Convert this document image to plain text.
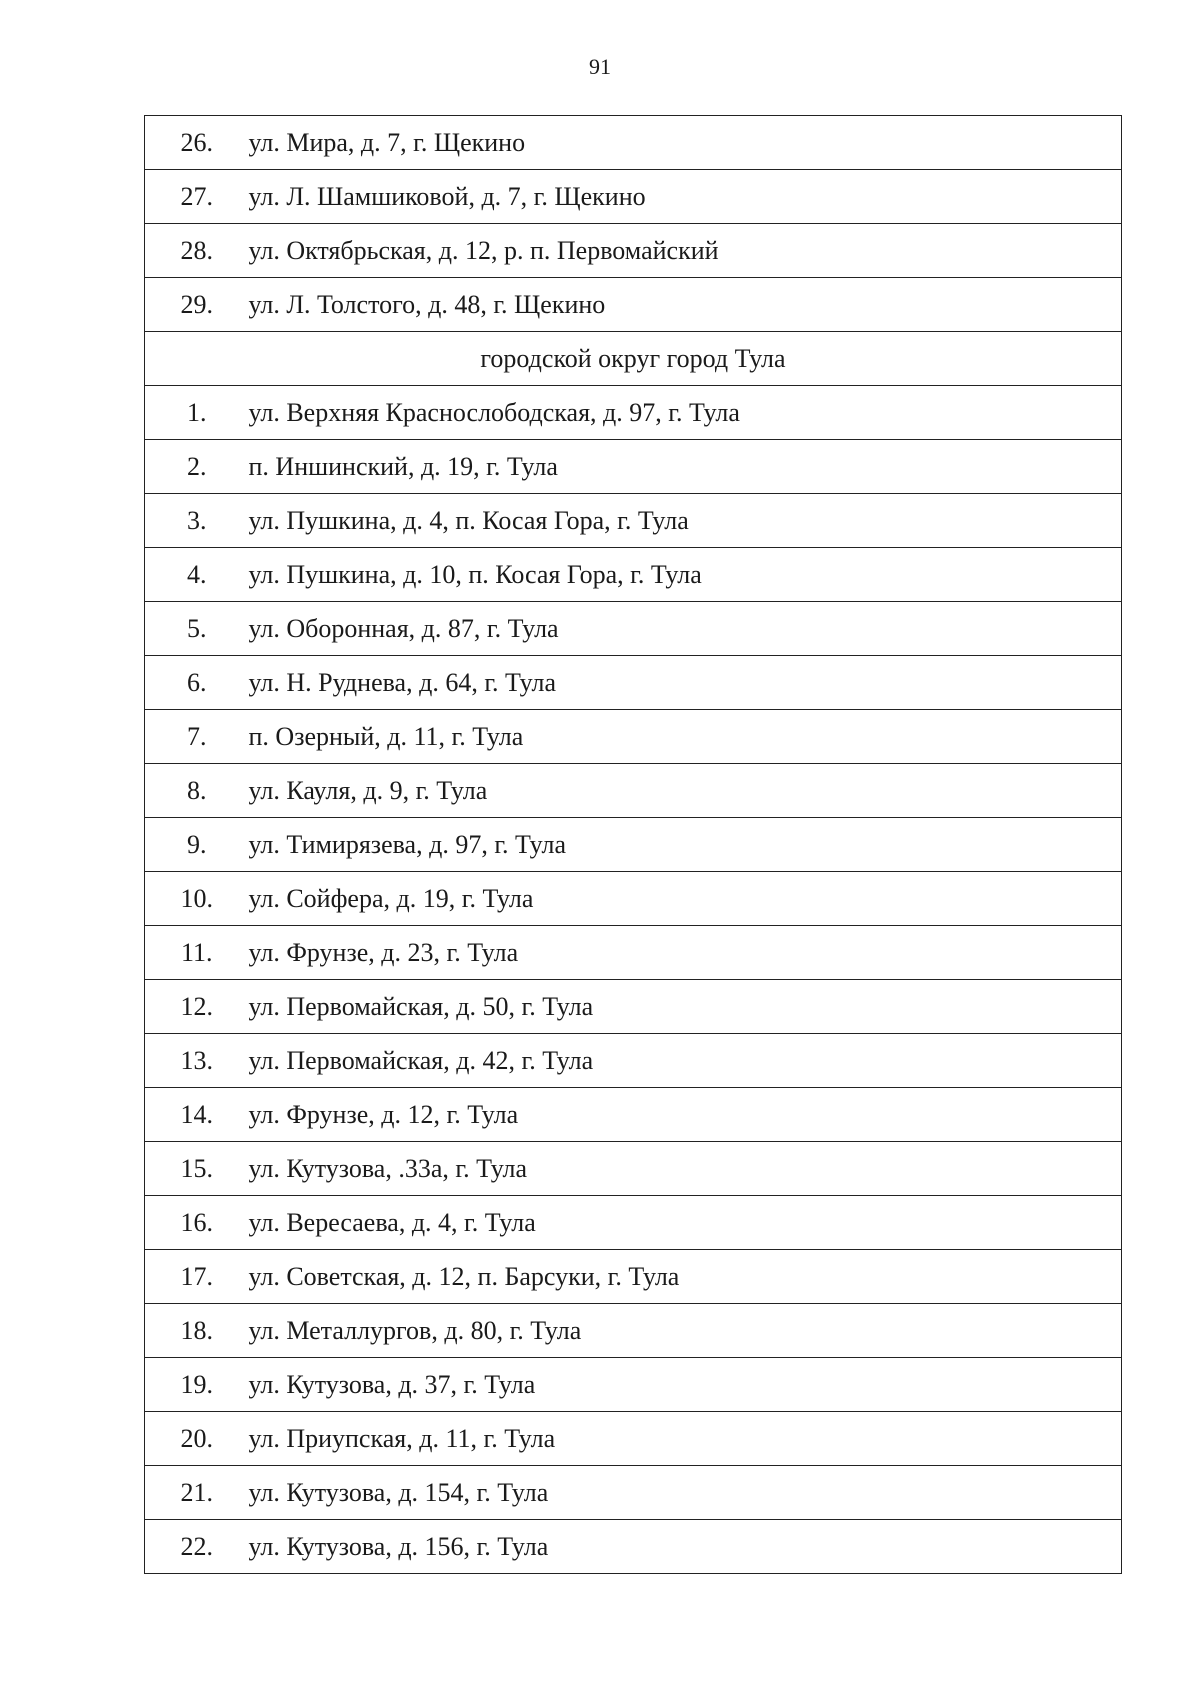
91
26.	ул. Мира, д. 7, г. Щекино
27.	ул. Л. Шамшиковой, д. 7, г. Щекино
28.	ул. Октябрьская, д. 12, р. п. Первомайский
29.	ул. Л. Толстого, д. 48, г. Щекино
городской округ город Тула	
1.	ул. Верхняя Краснослободская, д. 97, г. Тула
2.	п. Иншинский, д. 19, г. Тула
3.	ул. Пушкина, д. 4, п. Косая Гора, г. Тула
4.	ул. Пушкина, д. 10, п. Косая Гора, г. Тула
5.	ул. Оборонная, д. 87, г. Тула
6.	ул. Н. Руднева, д. 64, г. Тула
7.	п. Озерный, д. 11, г. Тула
8.	ул. Кауля, д. 9, г. Тула
9.	ул. Тимирязева, д. 97, г. Тула
10.	ул. Сойфера, д. 19, г. Тула
11.	ул. Фрунзе, д. 23, г. Тула
12.	ул. Первомайская, д. 50, г. Тула
13.	ул. Первомайская, д. 42, г. Тула
14.	ул. Фрунзе, д. 12, г. Тула
15.	ул. Кутузова, .33а, г. Тула
16.	ул. Вересаева, д. 4, г. Тула
17.	ул. Советская, д. 12, п. Барсуки, г. Тула
18.	ул. Металлургов, д. 80, г. Тула
19.	ул. Кутузова, д. 37, г. Тула
20.	ул. Приупская, д. 11, г. Тула
21.	ул. Кутузова, д. 154, г. Тула
22.	ул. Кутузова, д. 156, г. Тула
